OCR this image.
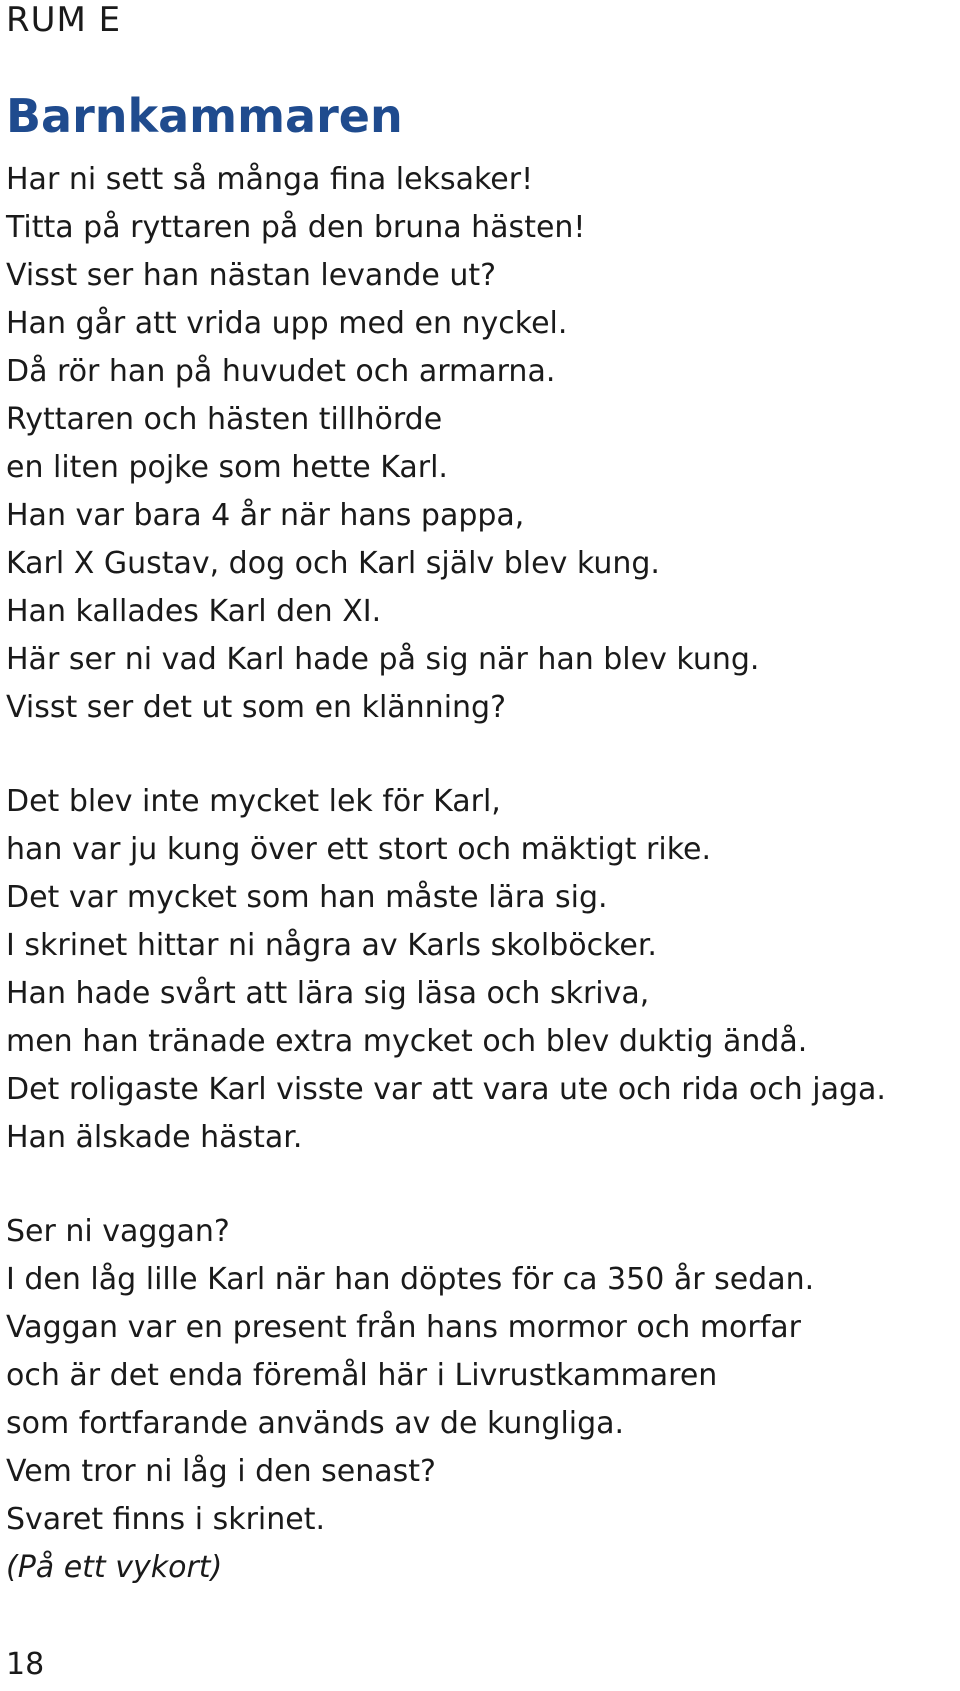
RUM E
Barnkammaren
Har ni sett så många fina leksaker!
Titta på ryttaren på den bruna hästen!
Visst ser han nästan levande ut?
Han går att vrida upp med en nyckel.
Då rör han på huvudet och armarna.
Ryttaren och hästen tillhörde
en liten pojke som hette Karl.
Han var bara 4 år när hans pappa,
Karl X Gustav, dog och Karl själv blev kung.
Han kallades Karl den XI.
Här ser ni vad Karl hade på sig när han blev kung.
Visst ser det ut som en klänning?
Det blev inte mycket lek för Karl,
han var ju kung över ett stort och mäktigt rike.
Det var mycket som han måste lära sig.
I skrinet hittar ni några av Karls skolböcker.
Han hade svårt att lära sig läsa och skriva,
men han tränade extra mycket och blev duktig ändå.
Det roligaste Karl visste var att vara ute och rida och jaga.
Han älskade hästar.
Ser ni vaggan?
I den låg lille Karl när han döptes för ca 350 år sedan.
Vaggan var en present från hans mormor och morfar
och är det enda föremål här i Livrustkammaren
som fortfarande används av de kungliga.
Vem tror ni låg i den senast?
Svaret finns i skrinet.
(På ett vykort)
18
